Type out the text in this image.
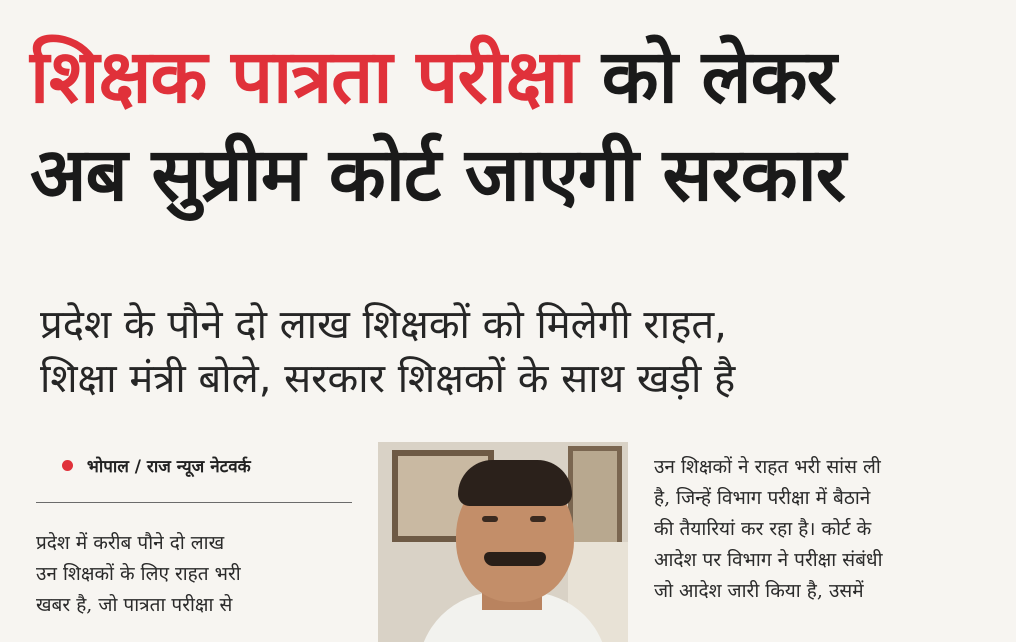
शिक्षक पात्रता परीक्षा को लेकर
अब सुप्रीम कोर्ट जाएगी सरकार
प्रदेश के पौने दो लाख शिक्षकों को मिलेगी राहत,
शिक्षा मंत्री बोले, सरकार शिक्षकों के साथ खड़ी है
भोपाल / राज न्यूज नेटवर्क
प्रदेश में करीब पौने दो लाख
उन शिक्षकों के लिए राहत भरी
खबर है, जो पात्रता परीक्षा से
उन शिक्षकों ने राहत भरी सांस ली
है, जिन्हें विभाग परीक्षा में बैठाने
की तैयारियां कर रहा है। कोर्ट के
आदेश पर विभाग ने परीक्षा संबंधी
जो आदेश जारी किया है, उसमें
